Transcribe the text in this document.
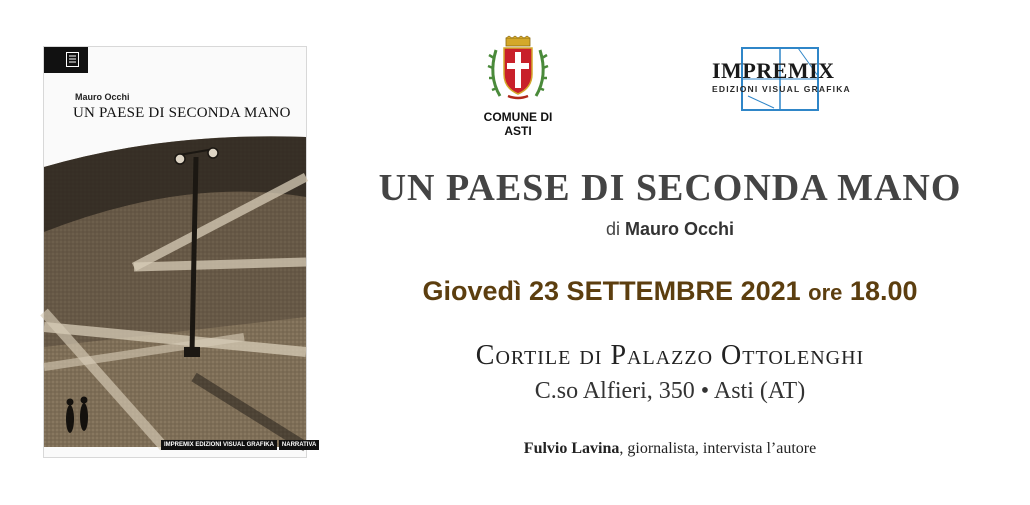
Mauro Occhi
UN PAESE DI SECONDA MANO
IMPREMIX EDIZIONI VISUAL GRAFIKA	NARRATIVA
COMUNE DI
ASTI
IMPREMIX
EDIZIONI VISUAL GRAFIKA
UN PAESE DI SECONDA MANO
di Mauro Occhi
Giovedì 23 SETTEMBRE 2021 ore 18.00
Cortile di Palazzo Ottolenghi
C.so Alfieri, 350 • Asti (AT)
Fulvio Lavina, giornalista, intervista l’autore
